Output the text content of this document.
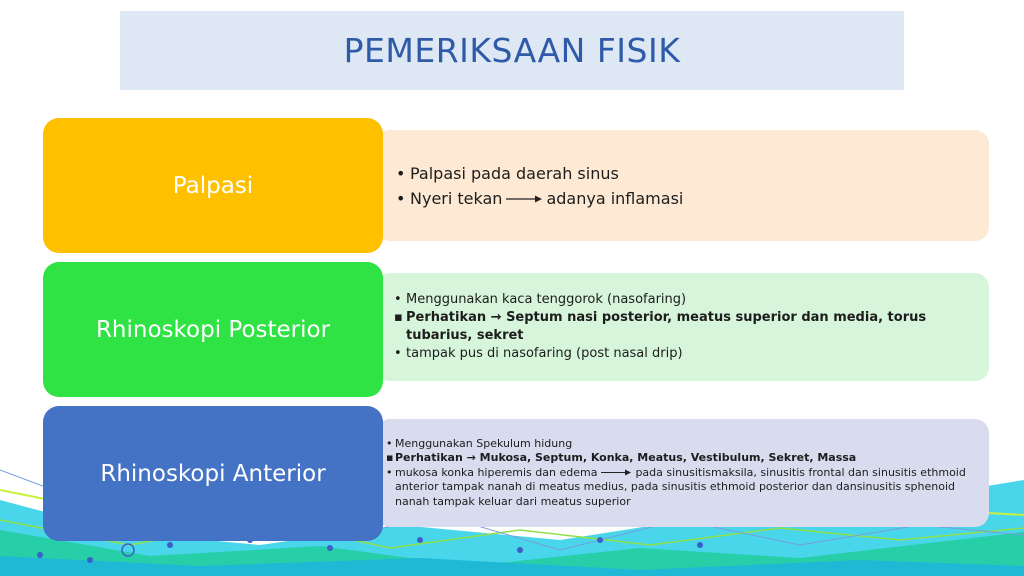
PEMERIKSAAN FISIK
Palpasi	• Palpasi pada daerah sinus
• Nyeri tekan	adanya inflamasi
Rhinoskopi Posterior
• Menggunakan kaca tenggorok (nasofaring)
▪ Perhatikan → Septum nasi posterior, meatus superior dan media, torus tubarius, sekret
• tampak pus di nasofaring (post nasal drip)
Rhinoskopi Anterior
• Menggunakan Spekulum hidung
▪ Perhatikan → Mukosa, Septum, Konka, Meatus, Vestibulum, Sekret, Massa
• mukosa konka hiperemis dan edema	pada sinusitismaksila, sinusitis frontal dan sinusitis ethmoid anterior tampak nanah di meatus medius, pada sinusitis ethmoid posterior dan dansinusitis sphenoid nanah tampak keluar dari meatus superior
